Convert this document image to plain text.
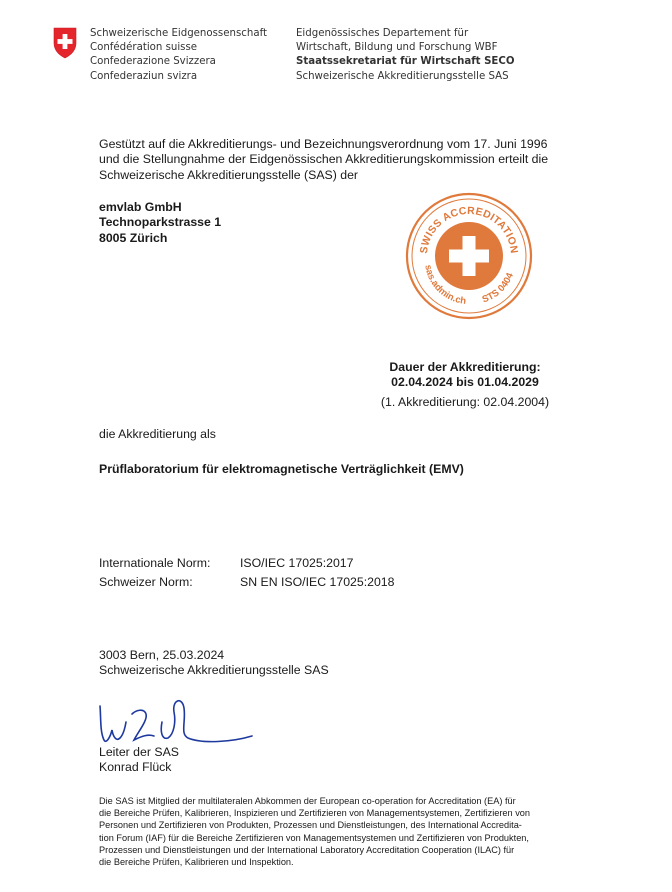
Schweizerische Eidgenossenschaft
Confédération suisse
Confederazione Svizzera
Confederaziun svizra
Eidgenössisches Departement für
Wirtschaft, Bildung und Forschung WBF
Staatssekretariat für Wirtschaft SECO
Schweizerische Akkreditierungsstelle SAS
Gestützt auf die Akkreditierungs- und Bezeichnungsverordnung vom 17. Juni 1996
und die Stellungnahme der Eidgenössischen Akkreditierungskommission erteilt die
Schweizerische Akkreditierungsstelle (SAS) der
emvlab GmbH
Technoparkstrasse 1
8005 Zürich
SWISS ACCREDITATION
sas.admin.ch STS 0404
Dauer der Akkreditierung:
02.04.2024 bis 01.04.2029
(1. Akkreditierung: 02.04.2004)
die Akkreditierung als
Prüflaboratorium für elektromagnetische Verträglichkeit (EMV)
Internationale Norm:	ISO/IEC 17025:2017
Schweizer Norm:	SN EN ISO/IEC 17025:2018
3003 Bern, 25.03.2024
Schweizerische Akkreditierungsstelle SAS
Leiter der SAS
Konrad Flück
Die SAS ist Mitglied der multilateralen Abkommen der European co-operation for Accreditation (EA) für
die Bereiche Prüfen, Kalibrieren, Inspizieren und Zertifizieren von Managementsystemen, Zertifizieren von
Personen und Zertifizieren von Produkten, Prozessen und Dienstleistungen, des International Accredita-
tion Forum (IAF) für die Bereiche Zertifizieren von Managementsystemen und Zertifizieren von Produkten,
Prozessen und Dienstleistungen und der International Laboratory Accreditation Cooperation (ILAC) für
die Bereiche Prüfen, Kalibrieren und Inspektion.
